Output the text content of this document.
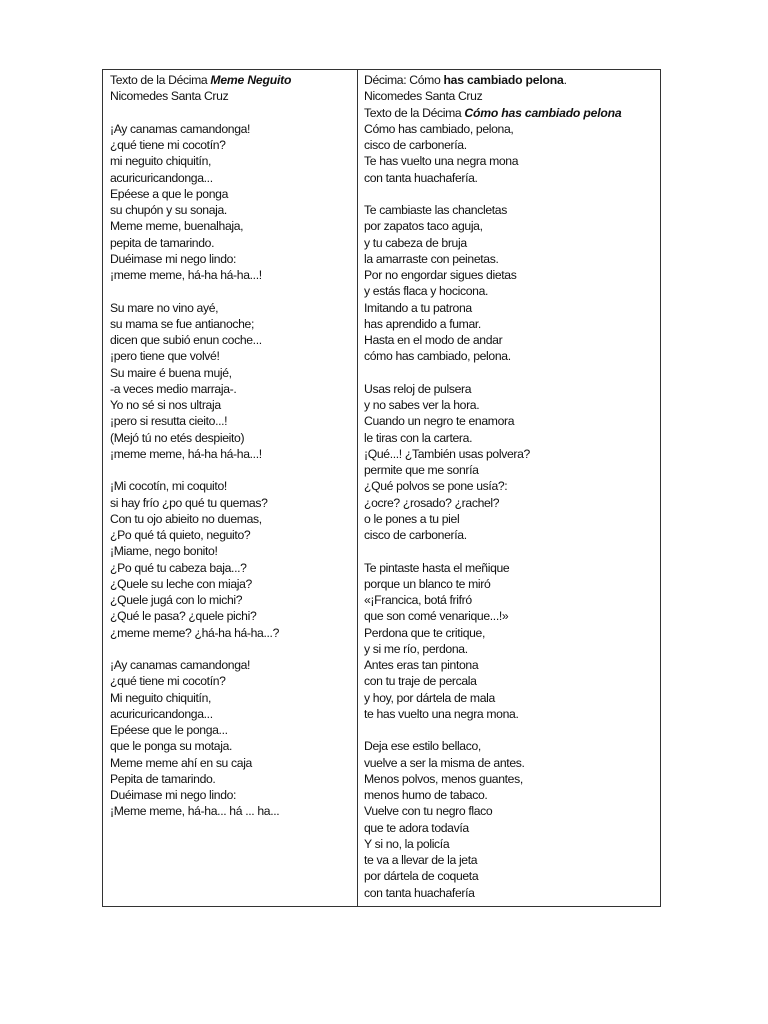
Texto de la Décima Meme Neguito
Nicomedes Santa Cruz
¡Ay canamas camandonga!
¿qué tiene mi cocotín?
mi neguito chiquitín,
acuricuricandonga...
Epéese a que le ponga
su chupón y su sonaja.
Meme meme, buenalhaja,
pepita de tamarindo.
Duéimase mi nego lindo:
¡meme meme, há-ha há-ha...!
Su mare no vino ayé,
su mama se fue antianoche;
dicen que subió enun coche...
¡pero tiene que volvé!
Su maire é buena mujé,
-a veces medio marraja-.
Yo no sé si nos ultraja
¡pero si resutta cieito...!
(Mejó tú no etés despieito)
¡meme meme, há-ha há-ha...!
¡Mi cocotín, mi coquito!
si hay frío ¿po qué tu quemas?
Con tu ojo abieito no duemas,
¿Po qué tá quieto, neguito?
¡Miame, nego bonito!
¿Po qué tu cabeza baja...?
¿Quele su leche con miaja?
¿Quele jugá con lo michi?
¿Qué le pasa? ¿quele pichi?
¿meme meme? ¿há-ha há-ha...?
¡Ay canamas camandonga!
¿qué tiene mi cocotín?
Mi neguito chiquitín,
acuricuricandonga...
Epéese que le ponga...
que le ponga su motaja.
Meme meme ahí en su caja
Pepita de tamarindo.
Duéimase mi nego lindo:
¡Meme meme, há-ha... há ... ha...
Décima: Cómo has cambiado pelona.
Nicomedes Santa Cruz
Texto de la Décima Cómo has cambiado pelona
Cómo has cambiado, pelona,
cisco de carbonería.
Te has vuelto una negra mona
con tanta huachafería.
Te cambiaste las chancletas
por zapatos taco aguja,
y tu cabeza de bruja
la amarraste con peinetas.
Por no engordar sigues dietas
y estás flaca y hocicona.
Imitando a tu patrona
has aprendido a fumar.
Hasta en el modo de andar
cómo has cambiado, pelona.
Usas reloj de pulsera
y no sabes ver la hora.
Cuando un negro te enamora
le tiras con la cartera.
¡Qué...! ¿También usas polvera?
permite que me sonría
¿Qué polvos se pone usía?:
¿ocre? ¿rosado? ¿rachel?
o le pones a tu piel
cisco de carbonería.
Te pintaste hasta el meñique
porque un blanco te miró
«¡Francica, botá frifró
que son comé venarique...!»
Perdona que te critique,
y si me río, perdona.
Antes eras tan pintona
con tu traje de percala
y hoy, por dártela de mala
te has vuelto una negra mona.
Deja ese estilo bellaco,
vuelve a ser la misma de antes.
Menos polvos, menos guantes,
menos humo de tabaco.
Vuelve con tu negro flaco
que te adora todavía
Y si no, la policía
te va a llevar de la jeta
por dártela de coqueta
con tanta huachafería
